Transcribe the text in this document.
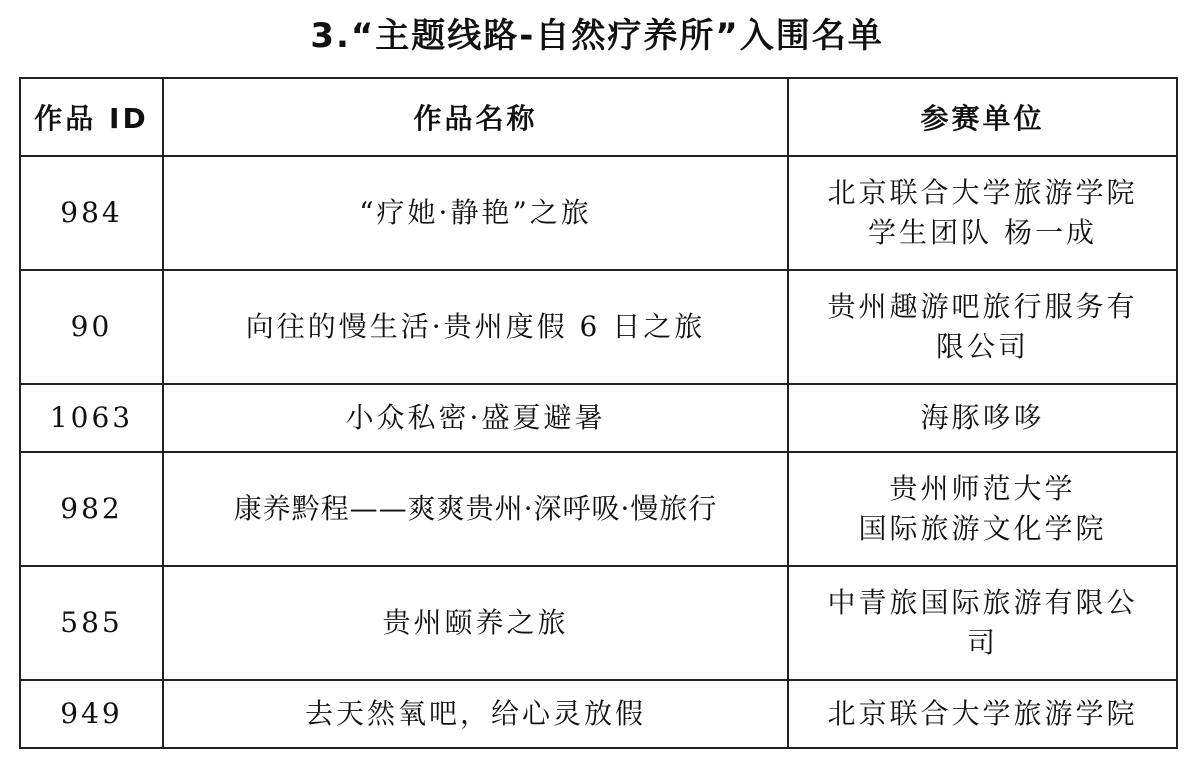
3.“主题线路-自然疗养所”入围名单
作品 ID	作品名称	参赛单位
984	“疗她·静艳”之旅	北京联合大学旅游学院
学生团队 杨一成

90	向往的慢生活·贵州度假 6 日之旅	贵州趣游吧旅行服务有
限公司

1063	小众私密·盛夏避暑	海豚哆哆

982	康养黔程——爽爽贵州·深呼吸·慢旅行	贵州师范大学
国际旅游文化学院

585	贵州颐养之旅	中青旅国际旅游有限公
司

949	去天然氧吧，给心灵放假	北京联合大学旅游学院
